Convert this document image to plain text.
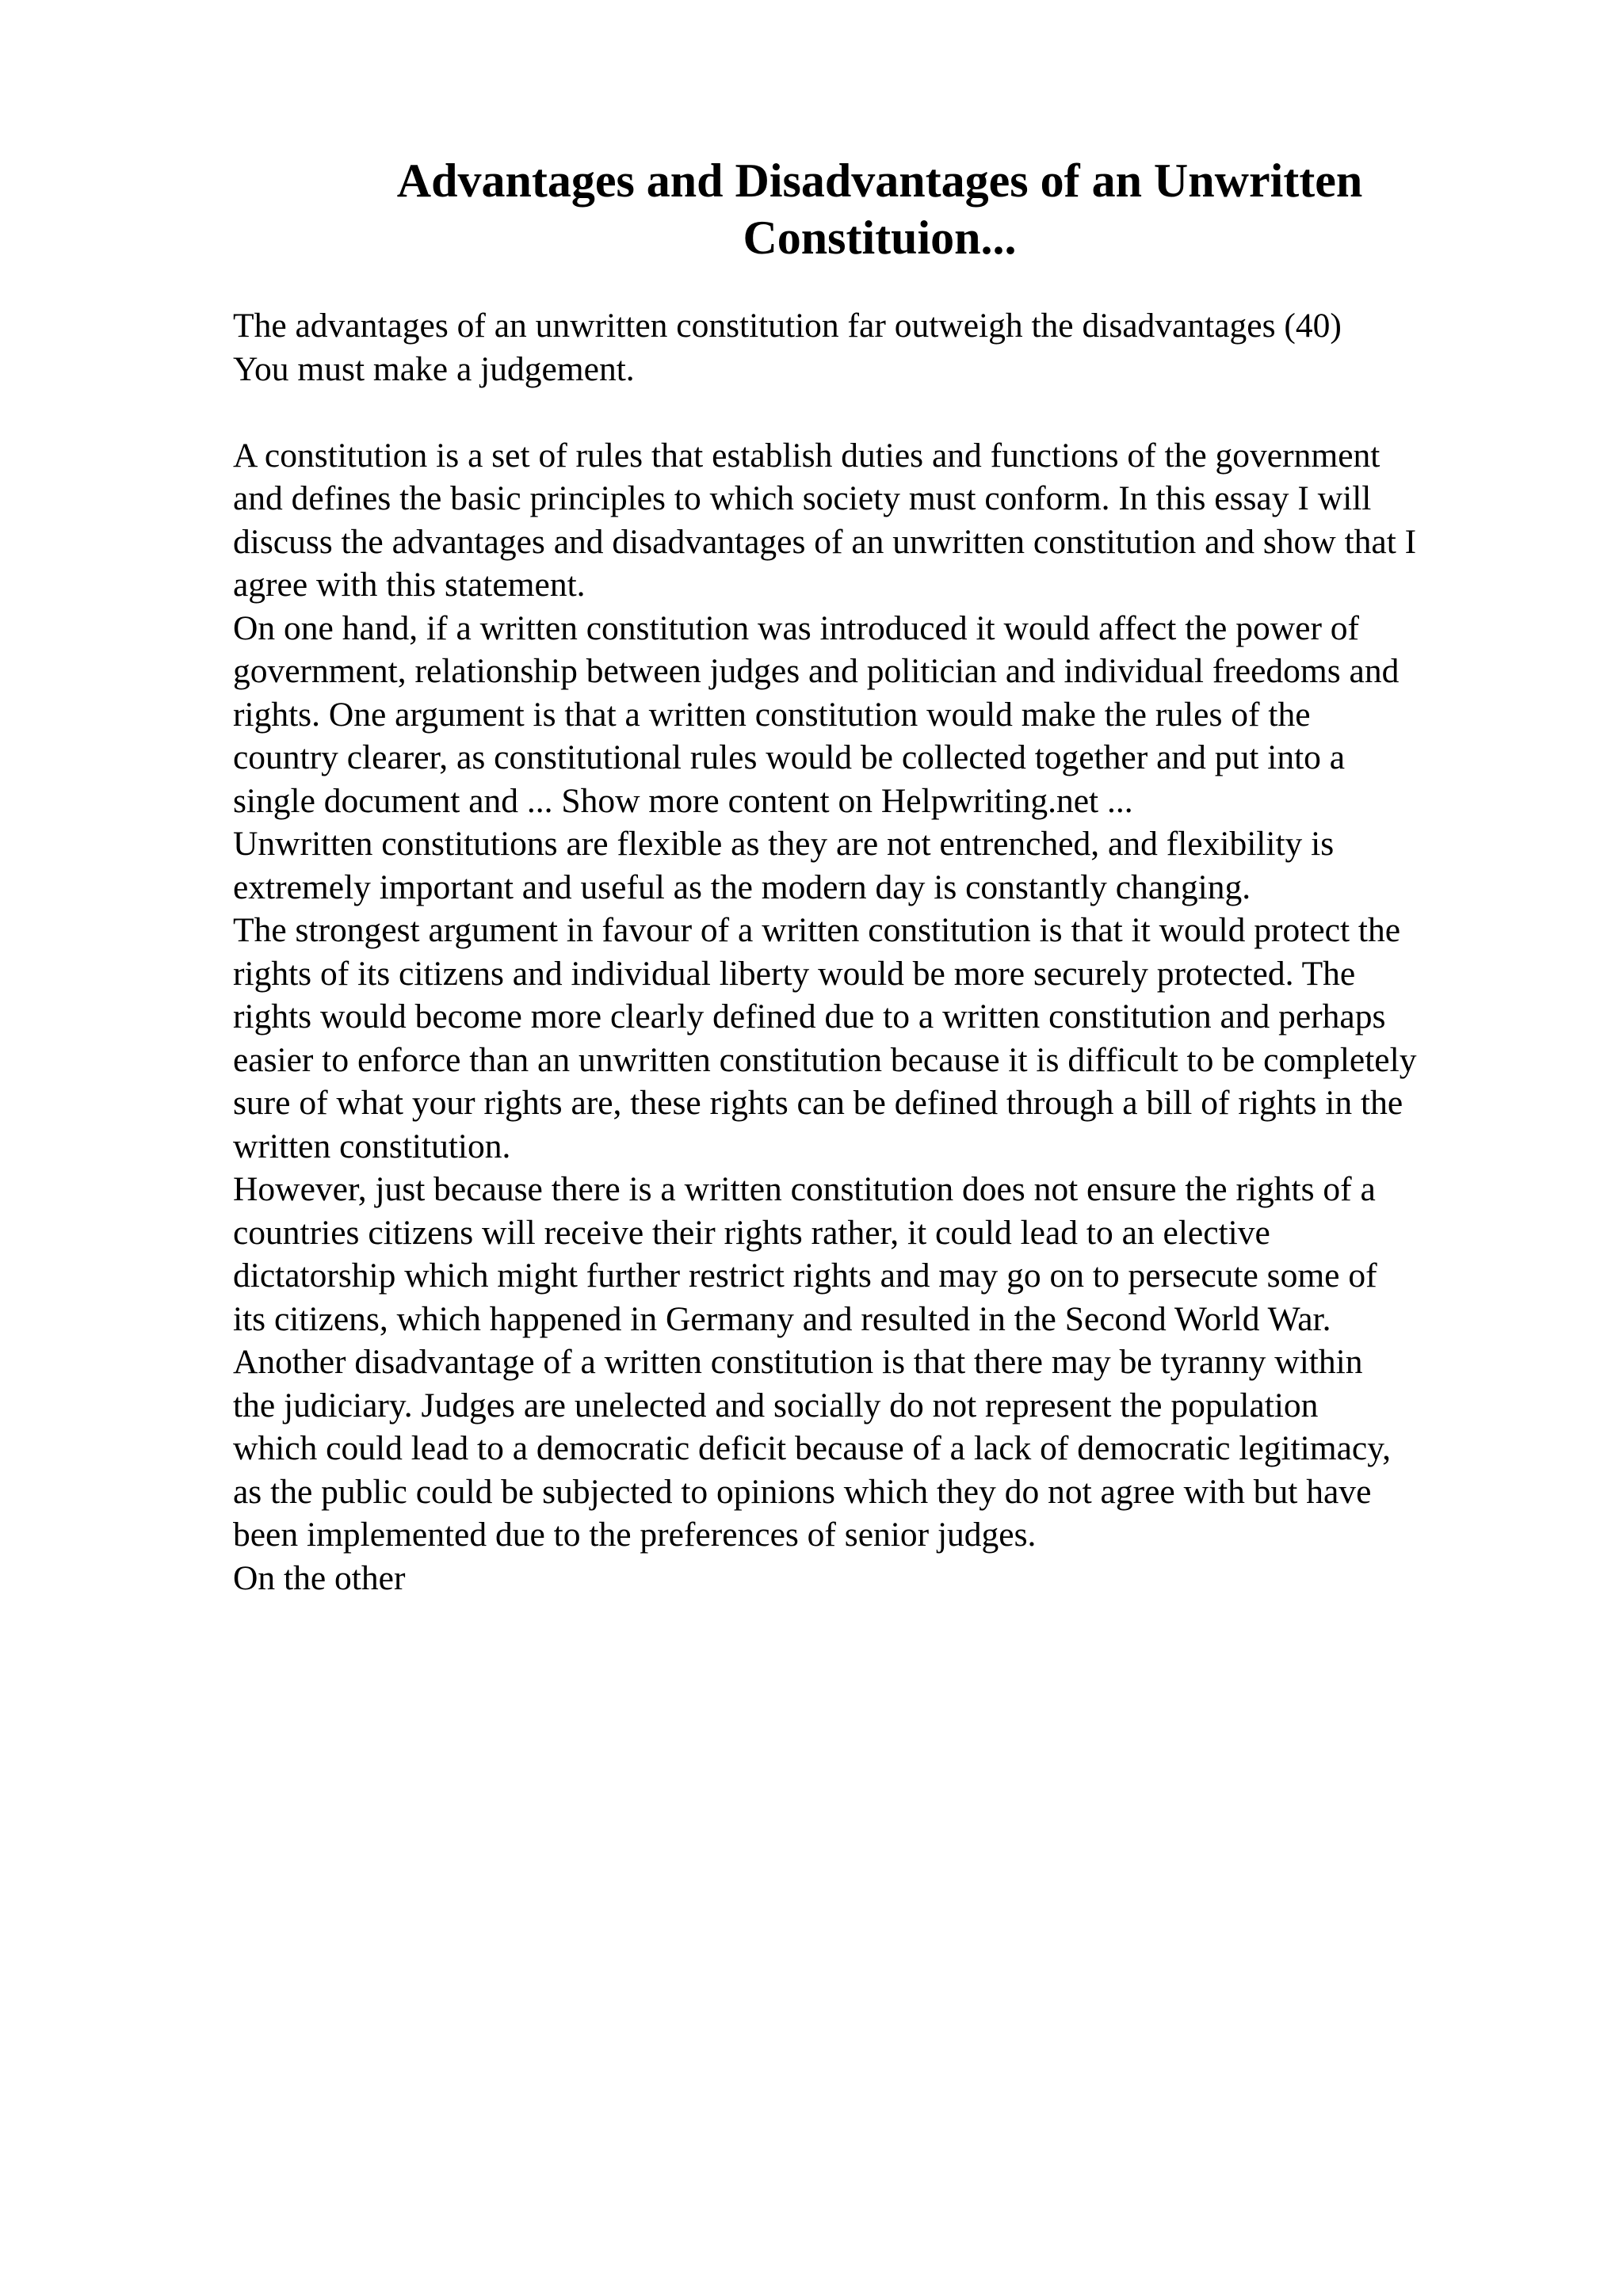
Advantages and Disadvantages of an Unwritten
Constituion...
The advantages of an unwritten constitution far outweigh the disadvantages (40)
You must make a judgement.
A constitution is a set of rules that establish duties and functions of the government
and defines the basic principles to which society must conform. In this essay I will
discuss the advantages and disadvantages of an unwritten constitution and show that I
agree with this statement.
On one hand, if a written constitution was introduced it would affect the power of
government, relationship between judges and politician and individual freedoms and
rights. One argument is that a written constitution would make the rules of the
country clearer, as constitutional rules would be collected together and put into a
single document and ... Show more content on Helpwriting.net ...
Unwritten constitutions are flexible as they are not entrenched, and flexibility is
extremely important and useful as the modern day is constantly changing.
The strongest argument in favour of a written constitution is that it would protect the
rights of its citizens and individual liberty would be more securely protected. The
rights would become more clearly defined due to a written constitution and perhaps
easier to enforce than an unwritten constitution because it is difficult to be completely
sure of what your rights are, these rights can be defined through a bill of rights in the
written constitution.
However, just because there is a written constitution does not ensure the rights of a
countries citizens will receive their rights rather, it could lead to an elective
dictatorship which might further restrict rights and may go on to persecute some of
its citizens, which happened in Germany and resulted in the Second World War.
Another disadvantage of a written constitution is that there may be tyranny within
the judiciary. Judges are unelected and socially do not represent the population
which could lead to a democratic deficit because of a lack of democratic legitimacy,
as the public could be subjected to opinions which they do not agree with but have
been implemented due to the preferences of senior judges.
On the other
